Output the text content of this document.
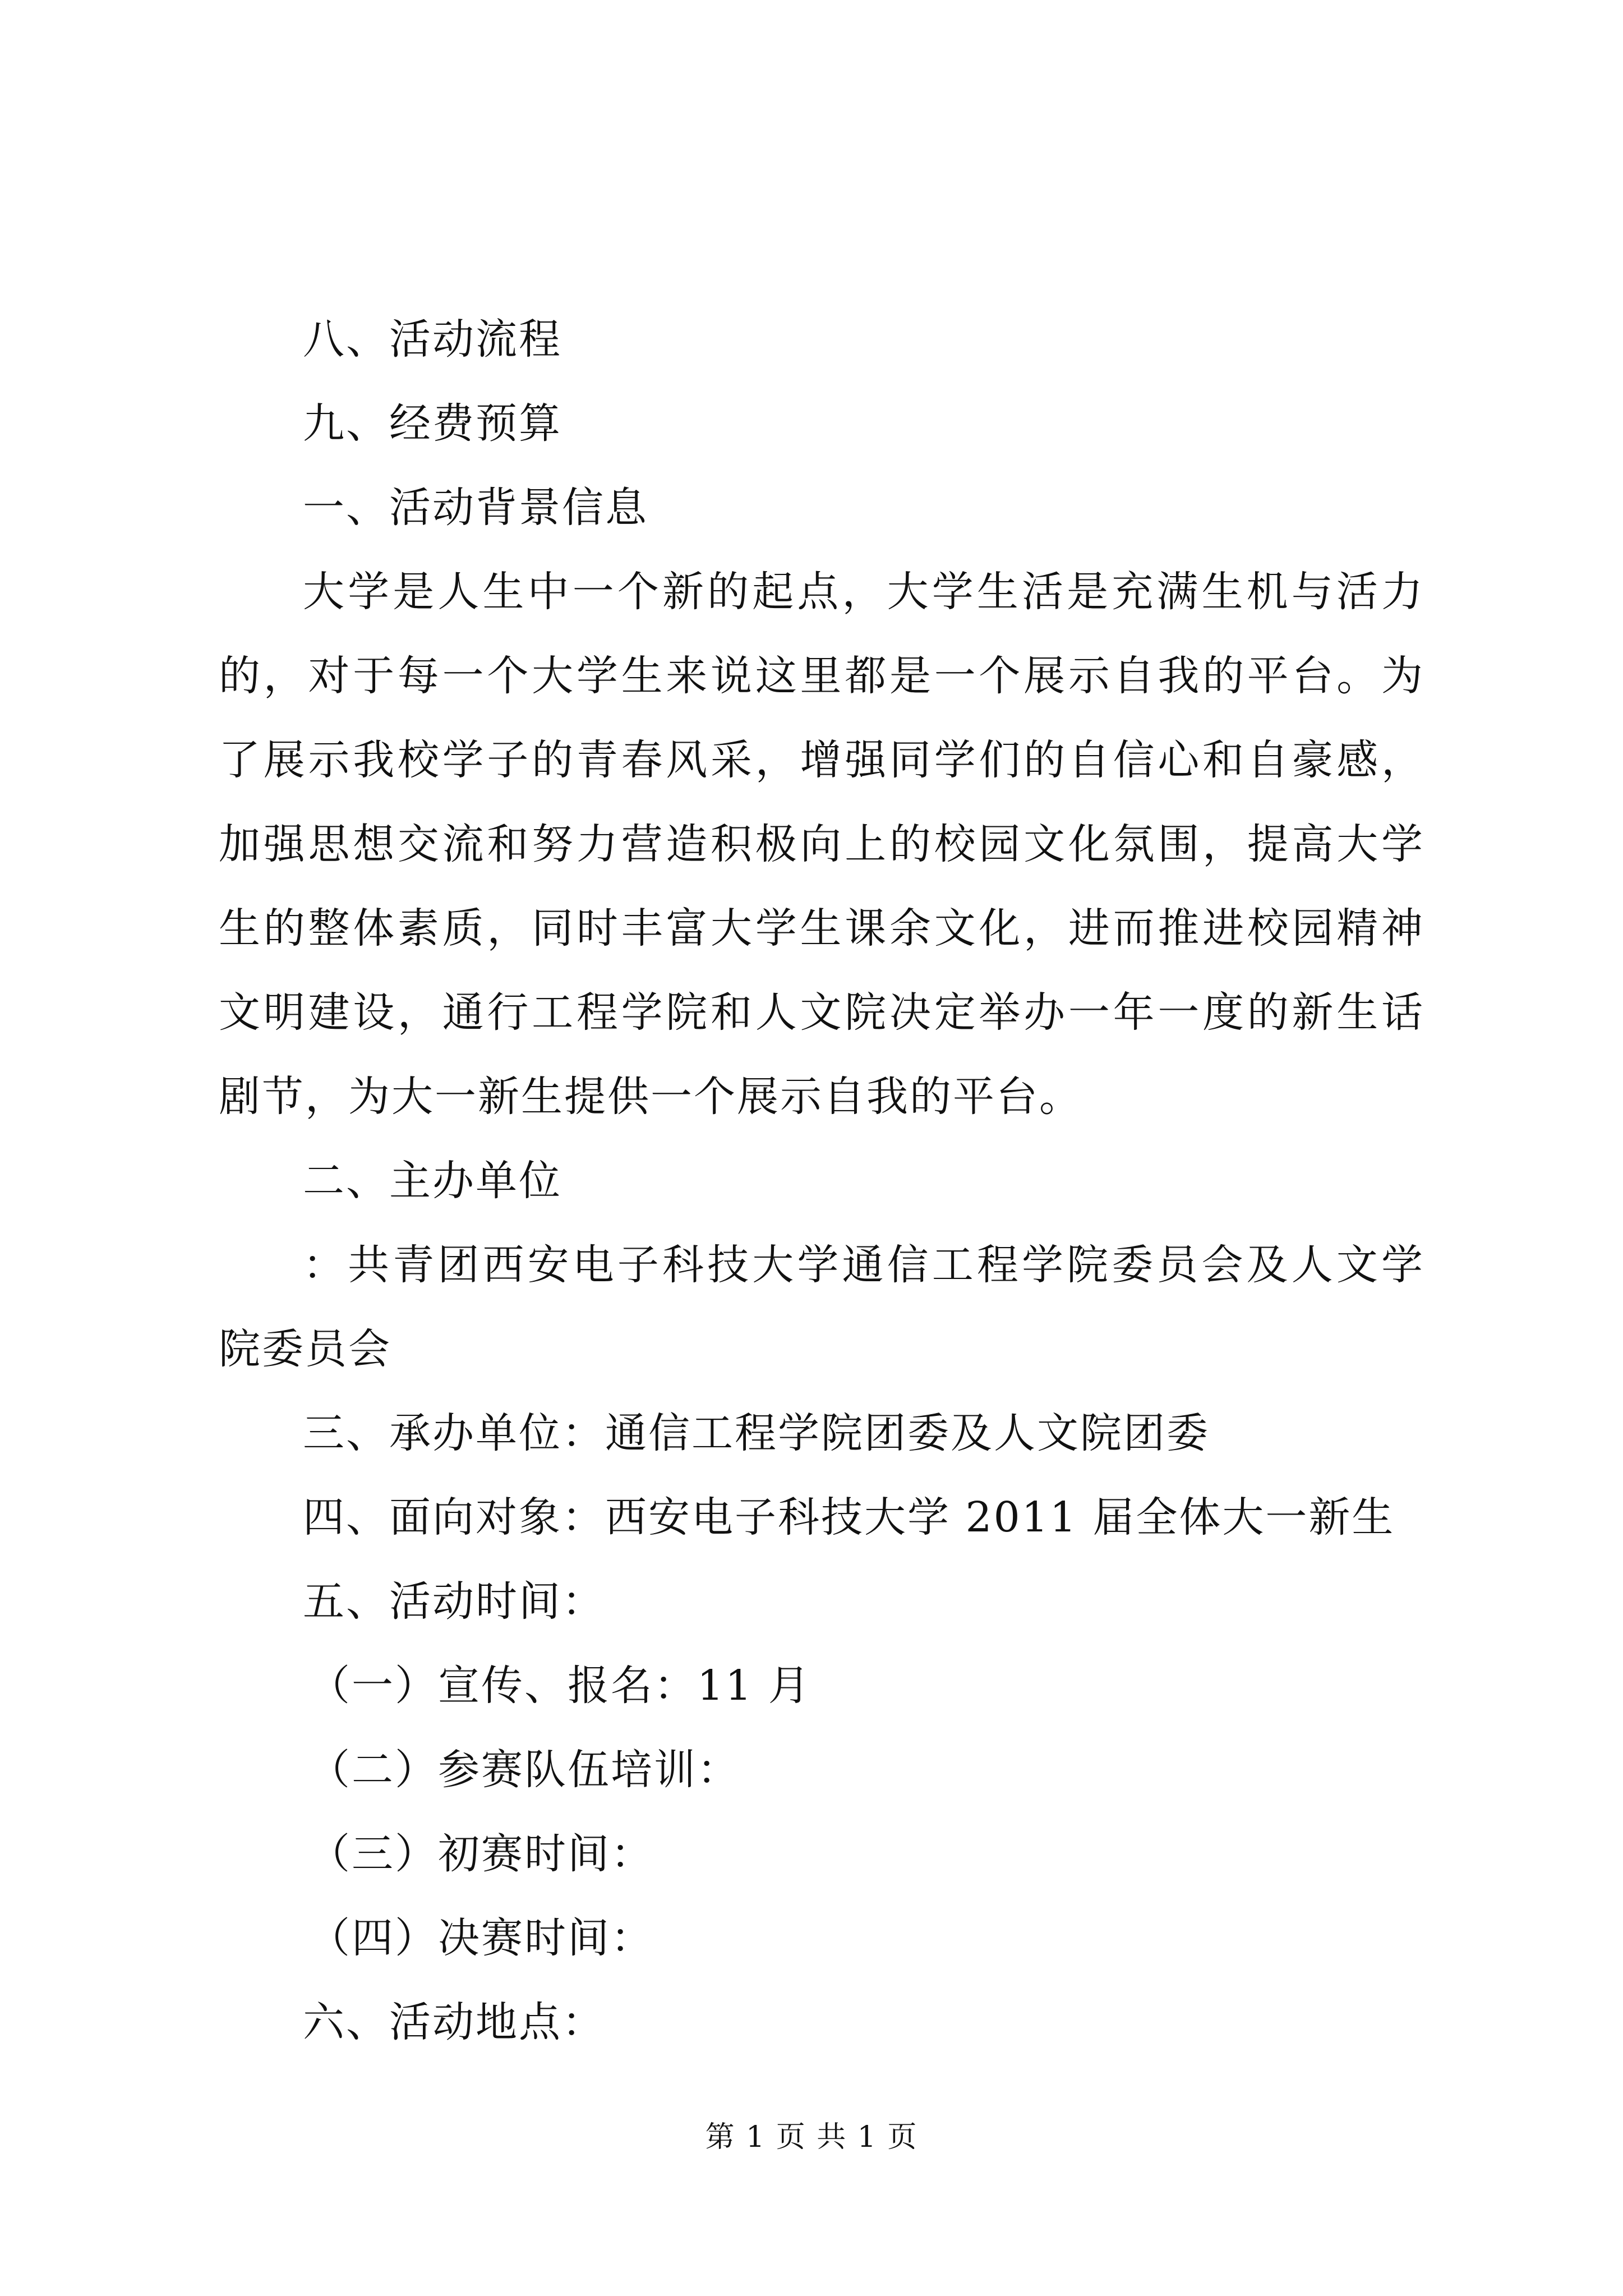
八、活动流程

九、经费预算

一、活动背景信息

大学是人生中一个新的起点，大学生活是充满生机与活力的，对于每一个大学生来说这里都是一个展示自我的平台。为了展示我校学子的青春风采，增强同学们的自信心和自豪感，加强思想交流和努力营造积极向上的校园文化氛围，提高大学生的整体素质，同时丰富大学生课余文化，进而推进校园精神文明建设，通行工程学院和人文院决定举办一年一度的新生话剧节，为大一新生提供一个展示自我的平台。

二、主办单位

：共青团西安电子科技大学通信工程学院委员会及人文学院委员会

三、承办单位：通信工程学院团委及人文院团委

四、面向对象：西安电子科技大学 2011 届全体大一新生

五、活动时间：

（一）宣传、报名：11 月

（二）参赛队伍培训：

（三）初赛时间：

（四）决赛时间：

六、活动地点：

第 1 页 共 1 页
